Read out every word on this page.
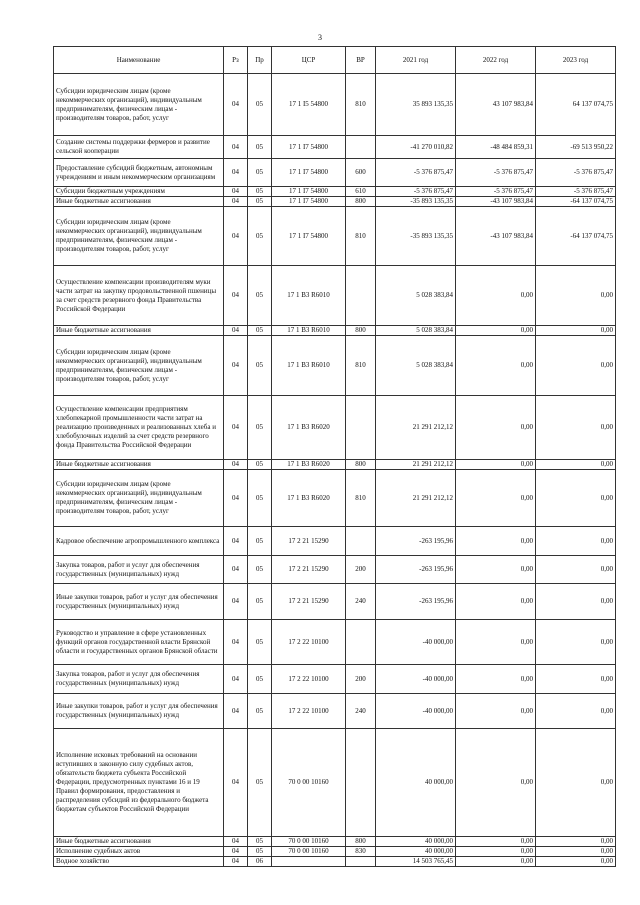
3
Наименование	Рз	Пр	ЦСР	ВР	2021 год	2022 год	2023 год
Субсидии юридическим лицам (кроме некоммерческих организаций), индивидуальным предпринимателям, физическим лицам - производителям товаров, работ, услуг	04	05	17 1 I5 54800	810	35 893 135,35	43 107 983,84	64 137 074,75
Создание системы поддержки фермеров и развитие сельской кооперации	04	05	17 1 I7 54800		-41 270 010,82	-48 484 859,31	-69 513 950,22
Предоставление субсидий бюджетным, автономным учреждениям и иным некоммерческим организациям	04	05	17 1 I7 54800	600	-5 376 875,47	-5 376 875,47	-5 376 875,47
Субсидии бюджетным учреждениям	04	05	17 1 I7 54800	610	-5 376 875,47	-5 376 875,47	-5 376 875,47
Иные бюджетные ассигнования	04	05	17 1 I7 54800	800	-35 893 135,35	-43 107 983,84	-64 137 074,75
Субсидии юридическим лицам (кроме некоммерческих организаций), индивидуальным предпринимателям, физическим лицам - производителям товаров, работ, услуг	04	05	17 1 I7 54800	810	-35 893 135,35	-43 107 983,84	-64 137 074,75
Осуществление компенсации производителям муки части затрат на закупку продовольственной пшеницы за счет средств резервного фонда Правительства Российской Федерации	04	05	17 1 B3 R6010		5 028 383,84	0,00	0,00
Иные бюджетные ассигнования	04	05	17 1 B3 R6010	800	5 028 383,84	0,00	0,00
Субсидии юридическим лицам (кроме некоммерческих организаций), индивидуальным предпринимателям, физическим лицам - производителям товаров, работ, услуг	04	05	17 1 B3 R6010	810	5 028 383,84	0,00	0,00
Осуществление компенсации предприятиям хлебопекарной промышленности части затрат на реализацию произведенных и реализованных хлеба и хлебобулочных изделий за счет средств резервного фонда Правительства Российской Федерации	04	05	17 1 B3 R6020		21 291 212,12	0,00	0,00
Иные бюджетные ассигнования	04	05	17 1 B3 R6020	800	21 291 212,12	0,00	0,00
Субсидии юридическим лицам (кроме некоммерческих организаций), индивидуальным предпринимателям, физическим лицам - производителям товаров, работ, услуг	04	05	17 1 B3 R6020	810	21 291 212,12	0,00	0,00
Кадровое обеспечение агропромышленного комплекса	04	05	17 2 21 15290		-263 195,96	0,00	0,00
Закупка товаров, работ и услуг для обеспечения государственных (муниципальных) нужд	04	05	17 2 21 15290	200	-263 195,96	0,00	0,00
Иные закупки товаров, работ и услуг для обеспечения государственных (муниципальных) нужд	04	05	17 2 21 15290	240	-263 195,96	0,00	0,00
Руководство и управление в сфере установленных функций органов государственной власти Брянской области и государственных органов Брянской области	04	05	17 2 22 10100		-40 000,00	0,00	0,00
Закупка товаров, работ и услуг для обеспечения государственных (муниципальных) нужд	04	05	17 2 22 10100	200	-40 000,00	0,00	0,00
Иные закупки товаров, работ и услуг для обеспечения государственных (муниципальных) нужд	04	05	17 2 22 10100	240	-40 000,00	0,00	0,00
Исполнение исковых требований на основании вступивших в законную силу судебных актов, обязательств бюджета субъекта Российской Федерации, предусмотренных пунктами 16 и 19 Правил формирования, предоставления и распределения субсидий из федерального бюджета бюджетам субъектов Российской Федерации	04	05	70 0 00 10160		40 000,00	0,00	0,00
Иные бюджетные ассигнования	04	05	70 0 00 10160	800	40 000,00	0,00	0,00
Исполнение судебных актов	04	05	70 0 00 10160	830	40 000,00	0,00	0,00
Водное хозяйство	04	06			14 503 765,45	0,00	0,00
